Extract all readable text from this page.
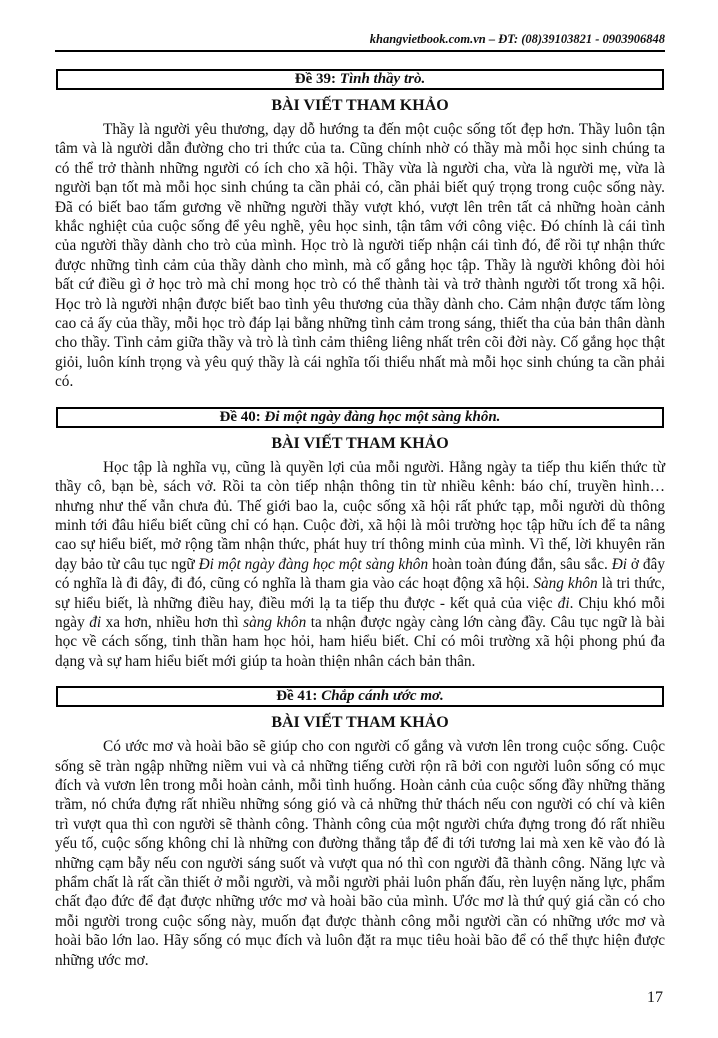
khangvietbook.com.vn – ĐT: (08)39103821 - 0903906848
Đề 39: Tình thầy trò.
BÀI VIẾT THAM KHẢO
Thầy là người yêu thương, dạy dỗ hướng ta đến một cuộc sống tốt đẹp hơn. Thầy luôn tận tâm và là người dẫn đường cho tri thức của ta. Cũng chính nhờ có thầy mà mỗi học sinh chúng ta có thể trở thành những người có ích cho xã hội. Thầy vừa là người cha, vừa là người mẹ, vừa là người bạn tốt mà mỗi học sinh chúng ta cần phải có, cần phải biết quý trọng trong cuộc sống này. Đã có biết bao tấm gương về những người thầy vượt khó, vượt lên trên tất cả những hoàn cảnh khắc nghiệt của cuộc sống để yêu nghề, yêu học sinh, tận tâm với công việc. Đó chính là cái tình của người thầy dành cho trò của mình. Học trò là người tiếp nhận cái tình đó, để rồi tự nhận thức được những tình cảm của thầy dành cho mình, mà cố gắng học tập. Thầy là người không đòi hỏi bất cứ điều gì ở học trò mà chỉ mong học trò có thể thành tài và trở thành người tốt trong xã hội. Học trò là người nhận được biết bao tình yêu thương của thầy dành cho. Cảm nhận được tấm lòng cao cả ấy của thầy, mỗi học trò đáp lại bằng những tình cảm trong sáng, thiết tha của bản thân dành cho thầy. Tình cảm giữa thầy và trò là tình cảm thiêng liêng nhất trên cõi đời này. Cố gắng học thật giỏi, luôn kính trọng và yêu quý thầy là cái nghĩa tối thiểu nhất mà mỗi học sinh chúng ta cần phải có.
Đề 40: Đi một ngày đàng học một sàng khôn.
BÀI VIẾT THAM KHẢO
Học tập là nghĩa vụ, cũng là quyền lợi của mỗi người. Hằng ngày ta tiếp thu kiến thức từ thầy cô, bạn bè, sách vở. Rồi ta còn tiếp nhận thông tin từ nhiều kênh: báo chí, truyền hình… nhưng như thế vẫn chưa đủ. Thế giới bao la, cuộc sống xã hội rất phức tạp, mỗi người dù thông minh tới đâu hiểu biết cũng chỉ có hạn. Cuộc đời, xã hội là môi trường học tập hữu ích để ta nâng cao sự hiểu biết, mở rộng tầm nhận thức, phát huy trí thông minh của mình. Vì thế, lời khuyên răn dạy bảo từ câu tục ngữ Đi một ngày đàng học một sàng khôn hoàn toàn đúng đắn, sâu sắc. Đi ở đây có nghĩa là đi đây, đi đó, cũng có nghĩa là tham gia vào các hoạt động xã hội. Sàng khôn là tri thức, sự hiểu biết, là những điều hay, điều mới lạ ta tiếp thu được - kết quả của việc đi. Chịu khó mỗi ngày đi xa hơn, nhiều hơn thì sàng khôn ta nhận được ngày càng lớn càng đầy. Câu tục ngữ là bài học về cách sống, tinh thần ham học hỏi, ham hiểu biết. Chỉ có môi trường xã hội phong phú đa dạng và sự ham hiểu biết mới giúp ta hoàn thiện nhân cách bản thân.
Đề 41: Chắp cánh ước mơ.
BÀI VIẾT THAM KHẢO
Có ước mơ và hoài bão sẽ giúp cho con người cố gắng và vươn lên trong cuộc sống. Cuộc sống sẽ tràn ngập những niềm vui và cả những tiếng cười rộn rã bởi con người luôn sống có mục đích và vươn lên trong mỗi hoàn cảnh, mỗi tình huống. Hoàn cảnh của cuộc sống đầy những thăng trầm, nó chứa đựng rất nhiều những sóng gió và cả những thử thách nếu con người có chí và kiên trì vượt qua thì con người sẽ thành công. Thành công của một người chứa đựng trong đó rất nhiều yếu tố, cuộc sống không chỉ là những con đường thẳng tắp để đi tới tương lai mà xen kẽ vào đó là những cạm bẫy nếu con người sáng suốt và vượt qua nó thì con người đã thành công. Năng lực và phẩm chất là rất cần thiết ở mỗi người, và mỗi người phải luôn phấn đấu, rèn luyện năng lực, phẩm chất đạo đức để đạt được những ước mơ và hoài bão của mình. Ước mơ là thứ quý giá cần có cho mỗi người trong cuộc sống này, muốn đạt được thành công mỗi người cần có những ước mơ và hoài bão lớn lao. Hãy sống có mục đích và luôn đặt ra mục tiêu hoài bão để có thể thực hiện được những ước mơ.
17
